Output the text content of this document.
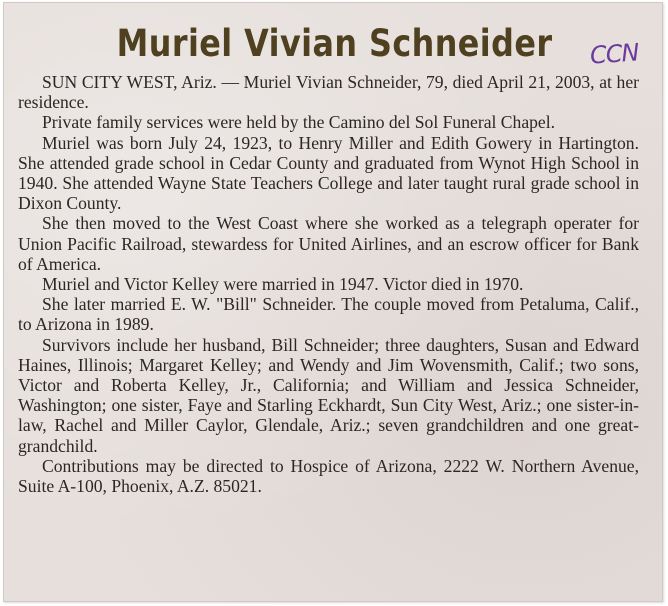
Muriel Vivian Schneider	CCN

SUN CITY WEST, Ariz. — Muriel Vivian Schneider, 79, died April 21, 2003, at her residence.

Private family services were held by the Camino del Sol Funeral Chapel.

Muriel was born July 24, 1923, to Henry Miller and Edith Gowery in Hartington. She attended grade school in Cedar County and graduated from Wynot High School in 1940. She attended Wayne State Teachers College and later taught rural grade school in Dixon County.

She then moved to the West Coast where she worked as a telegraph operater for Union Pacific Railroad, stewardess for United Airlines, and an escrow officer for Bank of America.

Muriel and Victor Kelley were married in 1947. Victor died in 1970.

She later married E. W. "Bill" Schneider. The couple moved from Petaluma, Calif., to Arizona in 1989.

Survivors include her husband, Bill Schneider; three daughters, Susan and Edward Haines, Illinois; Margaret Kelley; and Wendy and Jim Wovensmith, Calif.; two sons, Victor and Roberta Kelley, Jr., California; and William and Jessica Schneider, Washington; one sister, Faye and Starling Eckhardt, Sun City West, Ariz.; one sister-in-law, Rachel and Miller Caylor, Glendale, Ariz.; seven grandchildren and one great-grandchild.

Contributions may be directed to Hospice of Arizona, 2222 W. Northern Avenue, Suite A-100, Phoenix, A.Z. 85021.
